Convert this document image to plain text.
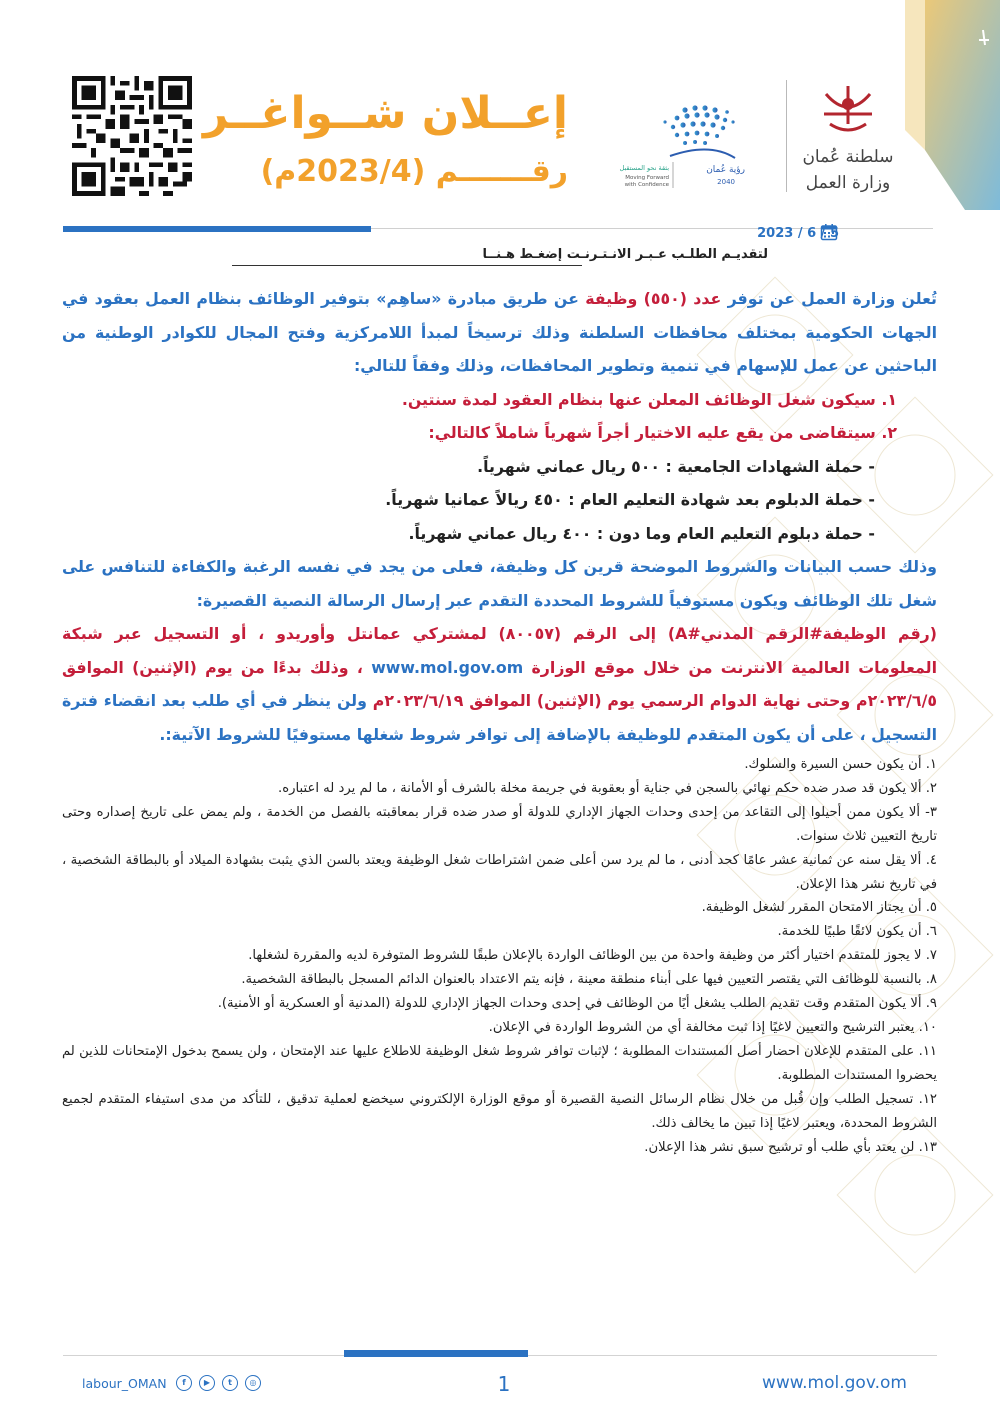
سلطنة عُمان
وزارة العمل
رؤية عُمان
2040
بثقة نحو المستقبل
Moving Forward
with Confidence
إعــلان شــواغــر
رقـــــــم (2023/4م)
2023 / 6 / 5
لتقديـم الطلـب عـبـر الانـتـرنـت إضغـط هـنــا

تُعلن وزارة العمل عن توفر عدد (٥٥٠) وظيفة عن طريق مبادرة «ساهِم» بتوفير الوظائف بنظام العمل بعقود في الجهات الحكومية بمختلف محافظات السلطنة وذلك ترسيخاً لمبدأ اللامركزية وفتح المجال للكوادر الوطنية من الباحثين عن عمل للإسهام في تنمية وتطوير المحافظات، وذلك وفقاً للتالي:

١. سيكون شغل الوظائف المعلن عنها بنظام العقود لمدة سنتين.

٢. سيتقاضى من يقع عليه الاختيار أجراً شهرياً شاملاً كالتالي:

- حملة الشهادات الجامعية : ٥٠٠ ريال عماني شهرياً.

- حملة الدبلوم بعد شهادة التعليم العام : ٤٥٠ ريالاً عمانيا شهرياً.

- حملة دبلوم التعليم العام وما دون : ٤٠٠ ريال عماني شهرياً.

وذلك حسب البيانات والشروط الموضحة قرين كل وظيفة، فعلى من يجد في نفسه الرغبة والكفاءة للتنافس على شغل تلك الوظائف ويكون مستوفياً للشروط المحددة التقدم عبر إرسال الرسالة النصية القصيرة:

(رقم الوظيفة#الرقم المدني#A) إلى الرقم (٨٠٠٥٧) لمشتركي عمانتل وأوريدو ، أو التسجيل عبر شبكة المعلومات العالمية الانترنت من خلال موقع الوزارة www.mol.gov.om ، وذلك بدءًا من يوم (الإثنين) الموافق ٢٠٢٣/٦/٥م وحتى نهاية الدوام الرسمي يوم (الإثنين) الموافق ٢٠٢٣/٦/١٩م ولن ينظر في أي طلب بعد انقضاء فترة التسجيل ، على أن يكون المتقدم للوظيفة بالإضافة إلى توافر شروط شغلها مستوفيًا للشروط الآتية:.

١. أن يكون حسن السيرة والسلوك.

٢. ألا يكون قد صدر ضده حكم نهائي بالسجن في جناية أو بعقوبة في جريمة مخلة بالشرف أو الأمانة ، ما لم يرد له اعتباره.

٣- ألا يكون ممن أحيلوا إلى التقاعد من إحدى وحدات الجهاز الإداري للدولة أو صدر ضده قرار بمعاقبته بالفصل من الخدمة ، ولم يمض على تاريخ إصداره وحتى تاريخ التعيين ثلاث سنوات.

٤. ألا يقل سنه عن ثمانية عشر عامًا كحد أدنى ، ما لم يرد سن أعلى ضمن اشتراطات شغل الوظيفة ويعتد بالسن الذي يثبت بشهادة الميلاد أو بالبطاقة الشخصية ، في تاريخ نشر هذا الإعلان.

٥. أن يجتاز الامتحان المقرر لشغل الوظيفة.

٦. أن يكون لائقًا طبيًا للخدمة.

٧. لا يجوز للمتقدم اختيار أكثر من وظيفة واحدة من بين الوظائف الواردة بالإعلان طبقًا للشروط المتوفرة لديه والمقررة لشغلها.

٨. بالنسبة للوظائف التي يقتصر التعيين فيها على أبناء منطقة معينة ، فإنه يتم الاعتداد بالعنوان الدائم المسجل بالبطاقة الشخصية.

٩. ألا يكون المتقدم وقت تقديم الطلب يشغل أيًا من الوظائف في إحدى وحدات الجهاز الإداري للدولة (المدنية أو العسكرية أو الأمنية).

١٠. يعتبر الترشيح والتعيين لاغيًا إذا ثبت مخالفة أي من الشروط الواردة في الإعلان.

١١. على المتقدم للإعلان احضار أصل المستندات المطلوبة ؛ لإثبات توافر شروط شغل الوظيفة للاطلاع عليها عند الإمتحان ، ولن يسمح بدخول الإمتحانات للذين لم يحضروا المستندات المطلوبة.

١٢. تسجيل الطلب وإن قُبل من خلال نظام الرسائل النصية القصيرة أو موقع الوزارة الإلكتروني سيخضع لعملية تدقيق ، للتأكد من مدى استيفاء المتقدم لجميع الشروط المحددة، ويعتبر لاغيًا إذا تبين ما يخالف ذلك.

١٣. لن يعتد بأي طلب أو ترشيح سبق نشر هذا الإعلان.

1	www.mol.gov.om
labour_OMAN	f	▶	t	◎
